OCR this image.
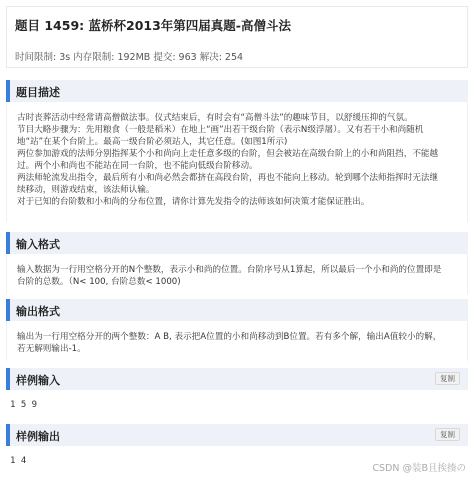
题目 1459: 蓝桥杯2013年第四届真题-高僧斗法
时间限制: 3s 内存限制: 192MB 提交: 963 解决: 254
题目描述
古时丧葬活动中经常请高僧做法事。仪式结束后，有时会有“高僧斗法”的趣味节目，以舒缓压抑的气氛。
节目大略步骤为：先用粮食（一般是稻米）在地上“画”出若干级台阶（表示N级浮屠）。又有若干小和尚随机
地“站”在某个台阶上。最高一级台阶必须站人，其它任意。(如图1所示)
两位参加游戏的法师分别指挥某个小和尚向上走任意多级的台阶，但会被站在高级台阶上的小和尚阻挡，不能越
过。两个小和尚也不能站在同一台阶，也不能向低级台阶移动。
两法师轮流发出指令，最后所有小和尚必然会都挤在高段台阶，再也不能向上移动。轮到哪个法师指挥时无法继
续移动，则游戏结束，该法师认输。
对于已知的台阶数和小和尚的分布位置，请你计算先发指令的法师该如何决策才能保证胜出。
输入格式
输入数据为一行用空格分开的N个整数，表示小和尚的位置。台阶序号从1算起，所以最后一个小和尚的位置即是
台阶的总数。（N< 100, 台阶总数< 1000)
输出格式
输出为一行用空格分开的两个整数：A B, 表示把A位置的小和尚移动到B位置。若有多个解，输出A值较小的解，
若无解则输出-1。
样例输入	复制
1 5 9
样例输出	复制
1 4
CSDN @装B且挨揍の
